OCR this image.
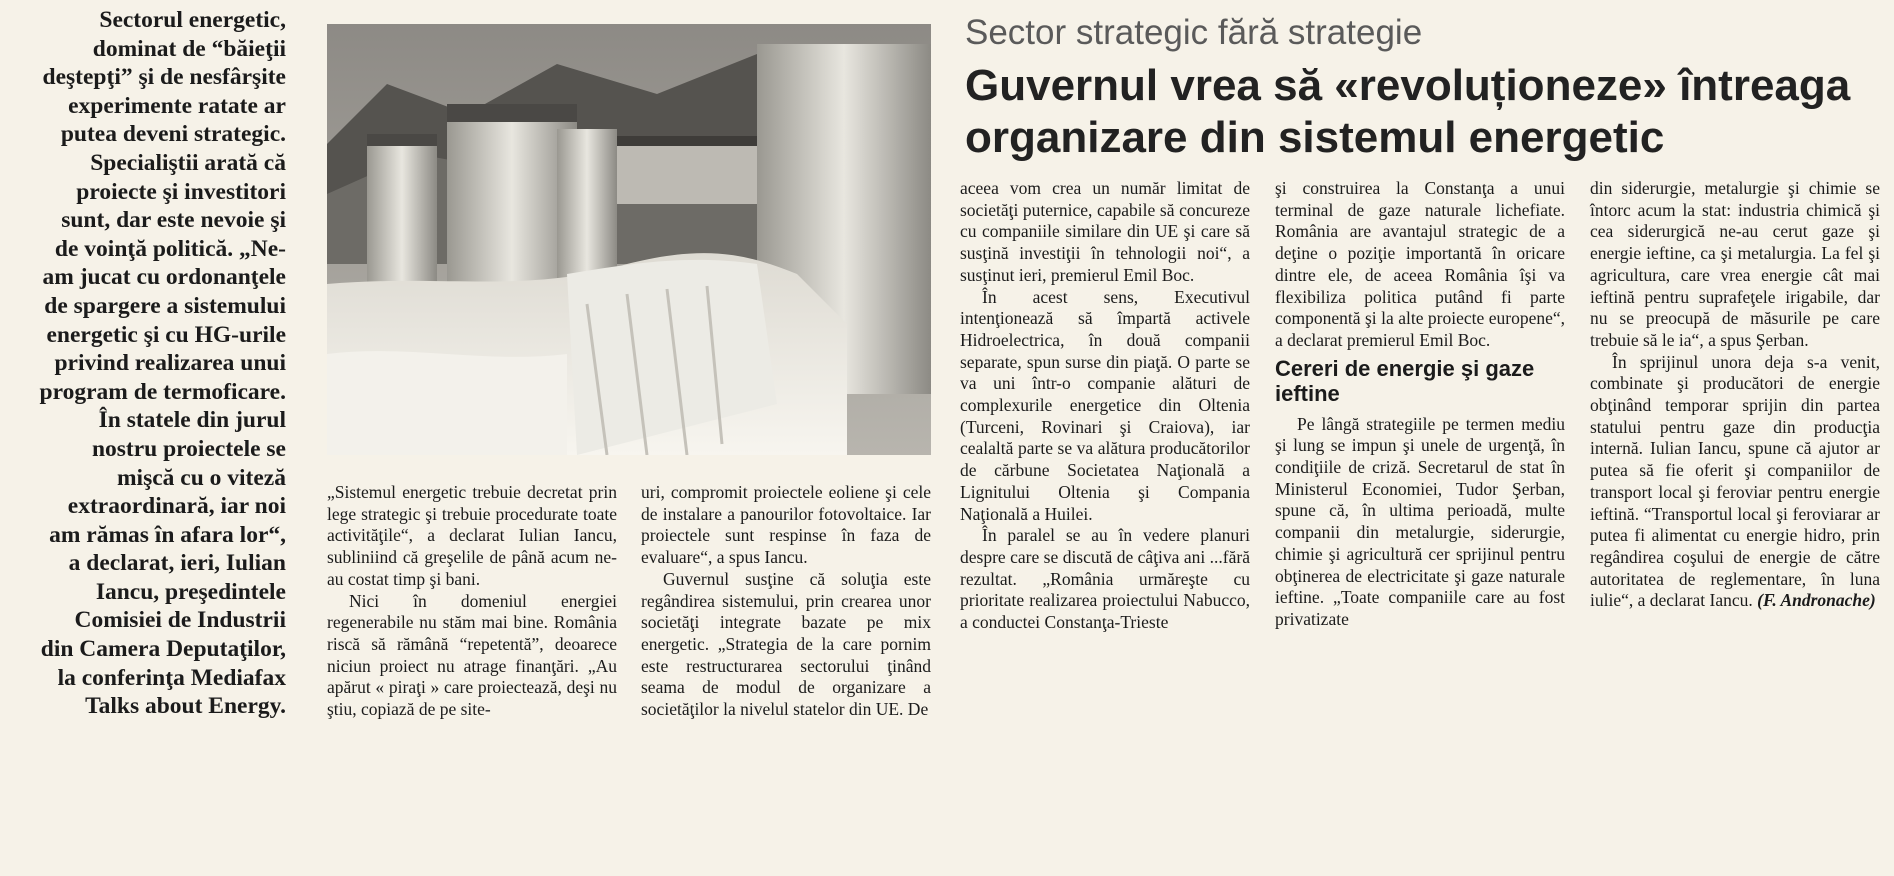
Sectorul energetic, dominat de “băieţii deştepţi” şi de nesfârşite experimente ratate ar putea deveni strategic. Specialiştii arată că proiecte şi investitori sunt, dar este nevoie şi de voinţă politică. „Ne-am jucat cu ordonanţele de spargere a sistemului energetic şi cu HG-urile privind realizarea unui program de termoficare. În statele din jurul nostru proiectele se mişcă cu o viteză extraordinară, iar noi am rămas în afara lor“, a declarat, ieri, Iulian Iancu, preşedintele Comisiei de Industrii din Camera Deputaţilor, la conferinţa Mediafax Talks about Energy.
Sector strategic fără strategie
Guvernul vrea să «revoluționeze» întreaga
organizare din sistemul energetic

„Sistemul energetic trebuie decretat prin lege strategic şi trebuie procedurate toate activităţile“, a declarat Iulian Iancu, subliniind că greşelile de până acum ne-au costat timp şi bani.

Nici în domeniul energiei regenerabile nu stăm mai bine. România riscă să rămână “repetentă”, deoarece niciun proiect nu atrage finanţări. „Au apărut « piraţi » care proiectează, deşi nu ştiu, copiază de pe site-

uri, compromit proiectele eoliene şi cele de instalare a panourilor fotovoltaice. Iar proiectele sunt respinse în faza de evaluare“, a spus Iancu.

Guvernul susţine că soluţia este regândirea sistemului, prin crearea unor societăţi integrate bazate pe mix energetic. „Strategia de la care pornim este restructurarea sectorului ţinând seama de modul de organizare a societăţilor la nivelul statelor din UE. De

aceea vom crea un număr limitat de societăţi puternice, capabile să concureze cu companiile similare din UE şi care să susţină investiţii în tehnologii noi“, a susţinut ieri, premierul Emil Boc.

În acest sens, Executivul intenţionează să împartă activele Hidroelectrica, în două companii separate, spun surse din piaţă. O parte se va uni într-o companie alături de complexurile energetice din Oltenia (Turceni, Rovinari şi Craiova), iar cealaltă parte se va alătura producătorilor de cărbune Societatea Naţională a Lignitului Oltenia şi Compania Naţională a Huilei.

În paralel se au în vedere planuri despre care se discută de câţiva ani ...fără rezultat. „România urmăreşte cu prioritate realizarea proiectului Nabucco, a conductei Constanţa-Trieste

şi construirea la Constanţa a unui terminal de gaze naturale lichefiate. România are avantajul strategic de a deţine o poziţie importantă în oricare dintre ele, de aceea România îşi va flexibiliza politica putând fi parte componentă şi la alte proiecte europene“, a declarat premierul Emil Boc.

Cereri de energie şi gaze ieftine

Pe lângă strategiile pe termen mediu şi lung se impun şi unele de urgenţă, în condiţiile de criză. Secretarul de stat în Ministerul Economiei, Tudor Şerban, spune că, în ultima perioadă, multe companii din metalurgie, siderurgie, chimie şi agricultură cer sprijinul pentru obţinerea de electricitate şi gaze naturale ieftine. „Toate companiile care au fost privatizate

din siderurgie, metalurgie şi chimie se întorc acum la stat: industria chimică şi cea siderurgică ne-au cerut gaze şi energie ieftine, ca şi metalurgia. La fel şi agricultura, care vrea energie cât mai ieftină pentru suprafeţele irigabile, dar nu se preocupă de măsurile pe care trebuie să le ia“, a spus Şerban.

În sprijinul unora deja s-a venit, combinate şi producători de energie obţinând temporar sprijin din partea statului pentru gaze din producţia internă. Iulian Iancu, spune că ajutor ar putea să fie oferit şi companiilor de transport local şi feroviar pentru energie ieftină. “Transportul local şi feroviarar ar putea fi alimentat cu energie hidro, prin regândirea coşului de energie de către autoritatea de reglementare, în luna iulie“, a declarat Iancu. (F. Andronache)
